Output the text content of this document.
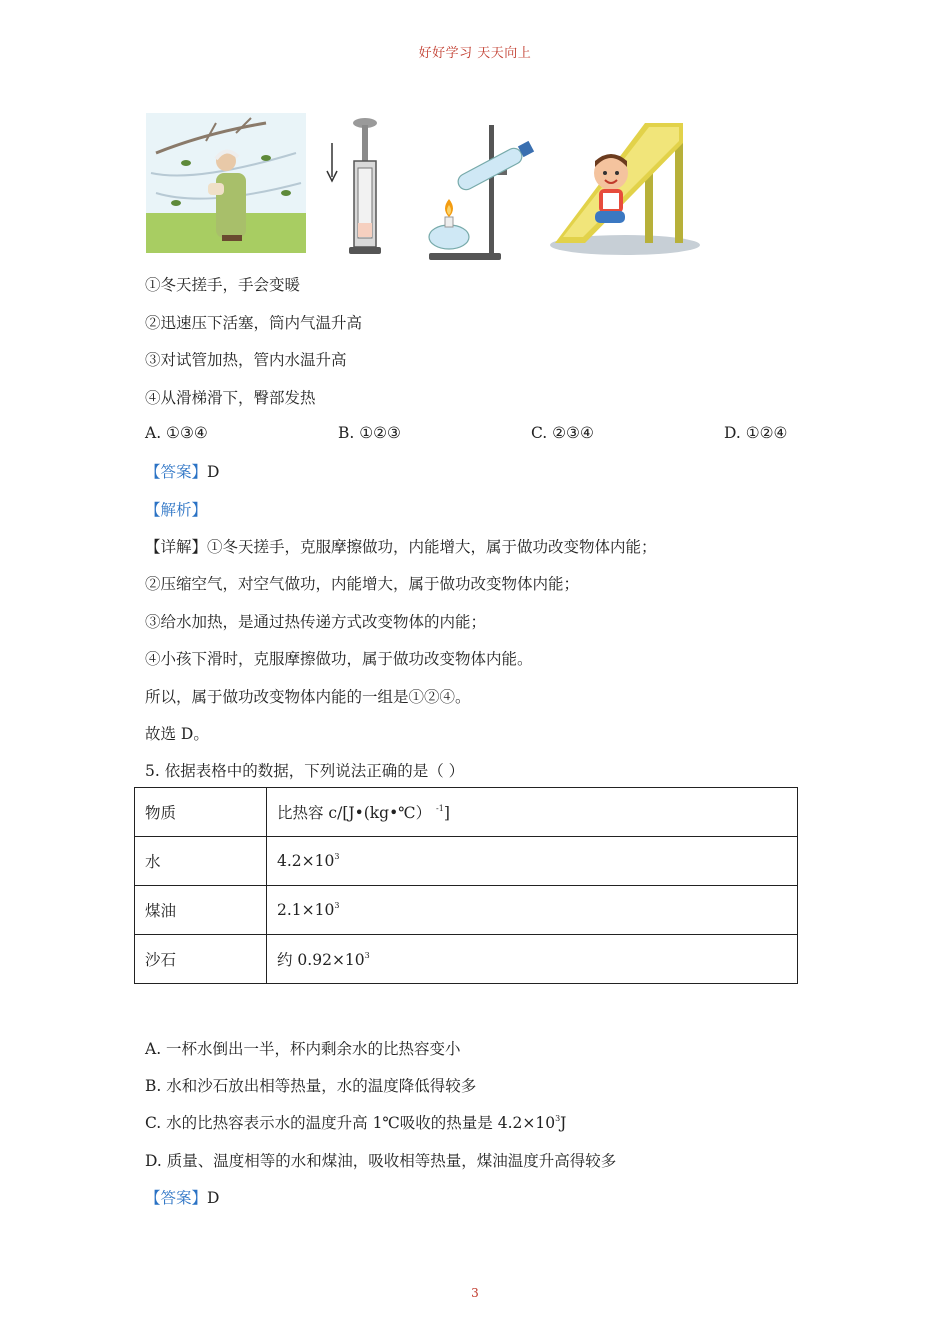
好好学习 天天向上
①冬天搓手，手会变暖
②迅速压下活塞，筒内气温升高
③对试管加热，管内水温升高
④从滑梯滑下，臀部发热
A. ①③④	B. ①②③	C. ②③④	D. ①②④
【答案】D
【解析】
【详解】①冬天搓手，克服摩擦做功，内能增大，属于做功改变物体内能；
②压缩空气，对空气做功，内能增大，属于做功改变物体内能；
③给水加热，是通过热传递方式改变物体的内能；
④小孩下滑时，克服摩擦做功，属于做功改变物体内能。
所以，属于做功改变物体内能的一组是①②④。
故选 D。
5. 依据表格中的数据，下列说法正确的是（ ）
物质	比热容 c/[J•(kg•℃） $^{-1}$]
水	$4.2\times 10^3$
煤油	$2.1\times 10^3$
沙石	约 $0.92\times 10^3$
A. 一杯水倒出一半，杯内剩余水的比热容变小
B. 水和沙石放出相等热量，水的温度降低得较多
C. 水的比热容表示水的温度升高 1℃吸收的热量是 $4.2\times 10^3J$
D. 质量、温度相等的水和煤油，吸收相等热量，煤油温度升高得较多
【答案】D
3
